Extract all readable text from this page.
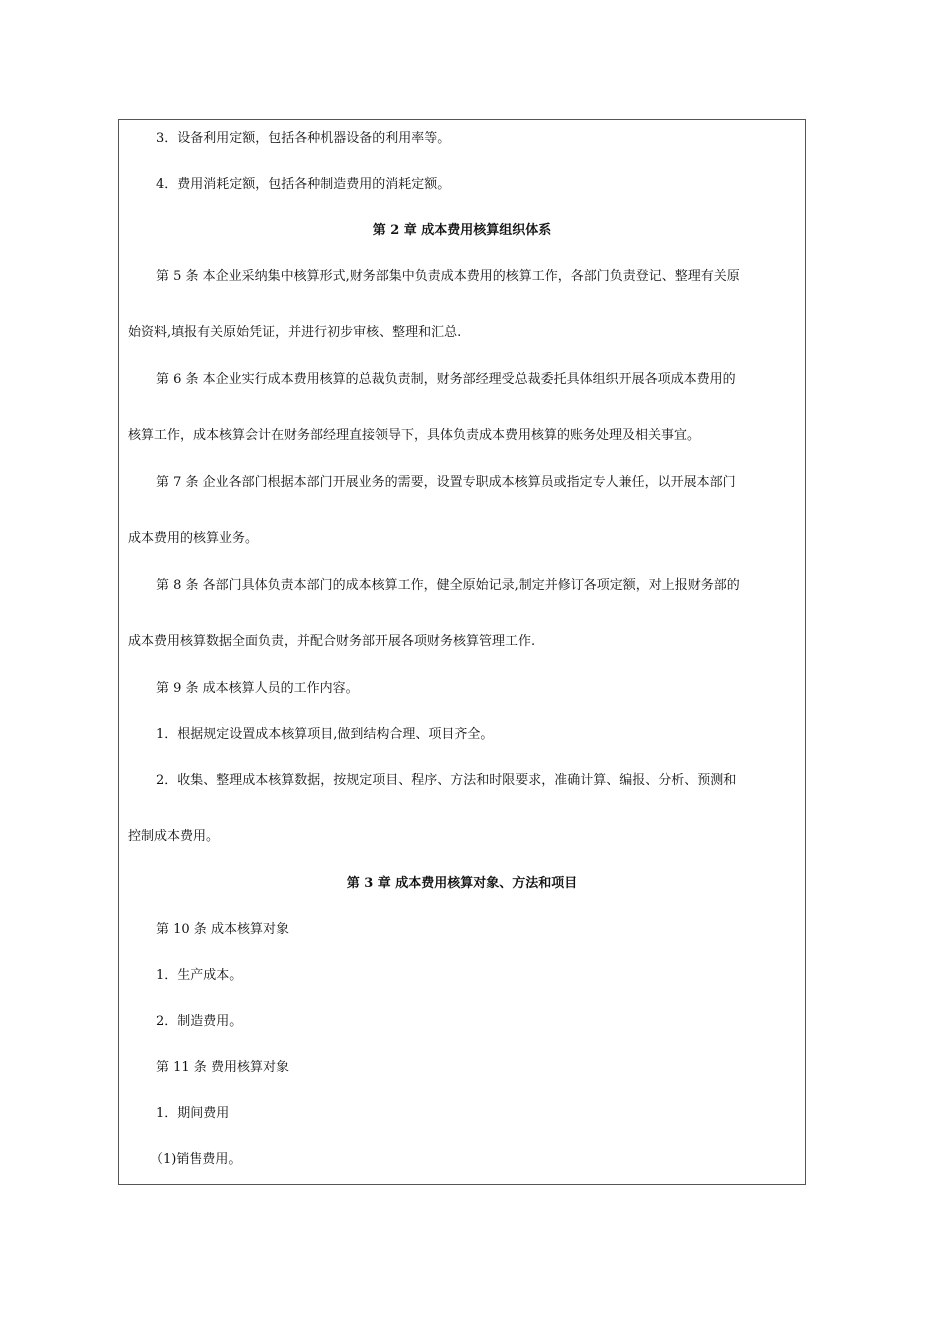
3．设备利用定额，包括各种机器设备的利用率等。
4．费用消耗定额，包括各种制造费用的消耗定额。
第 2 章 成本费用核算组织体系
第 5 条 本企业采纳集中核算形式,财务部集中负责成本费用的核算工作，各部门负责登记、整理有关原
始资料,填报有关原始凭证，并进行初步审核、整理和汇总.
第 6 条 本企业实行成本费用核算的总裁负责制，财务部经理受总裁委托具体组织开展各项成本费用的
核算工作，成本核算会计在财务部经理直接领导下，具体负责成本费用核算的账务处理及相关事宜。
第 7 条 企业各部门根据本部门开展业务的需要，设置专职成本核算员或指定专人兼任，以开展本部门
成本费用的核算业务。
第 8 条 各部门具体负责本部门的成本核算工作，健全原始记录,制定并修订各项定额，对上报财务部的
成本费用核算数据全面负责，并配合财务部开展各项财务核算管理工作.
第 9 条 成本核算人员的工作内容。
1．根据规定设置成本核算项目,做到结构合理、项目齐全。
2．收集、整理成本核算数据，按规定项目、程序、方法和时限要求，准确计算、编报、分析、预测和
控制成本费用。
第 3 章 成本费用核算对象、方法和项目
第 10 条 成本核算对象
1．生产成本。
2．制造费用。
第 11 条 费用核算对象
1．期间费用
（1)销售费用。
